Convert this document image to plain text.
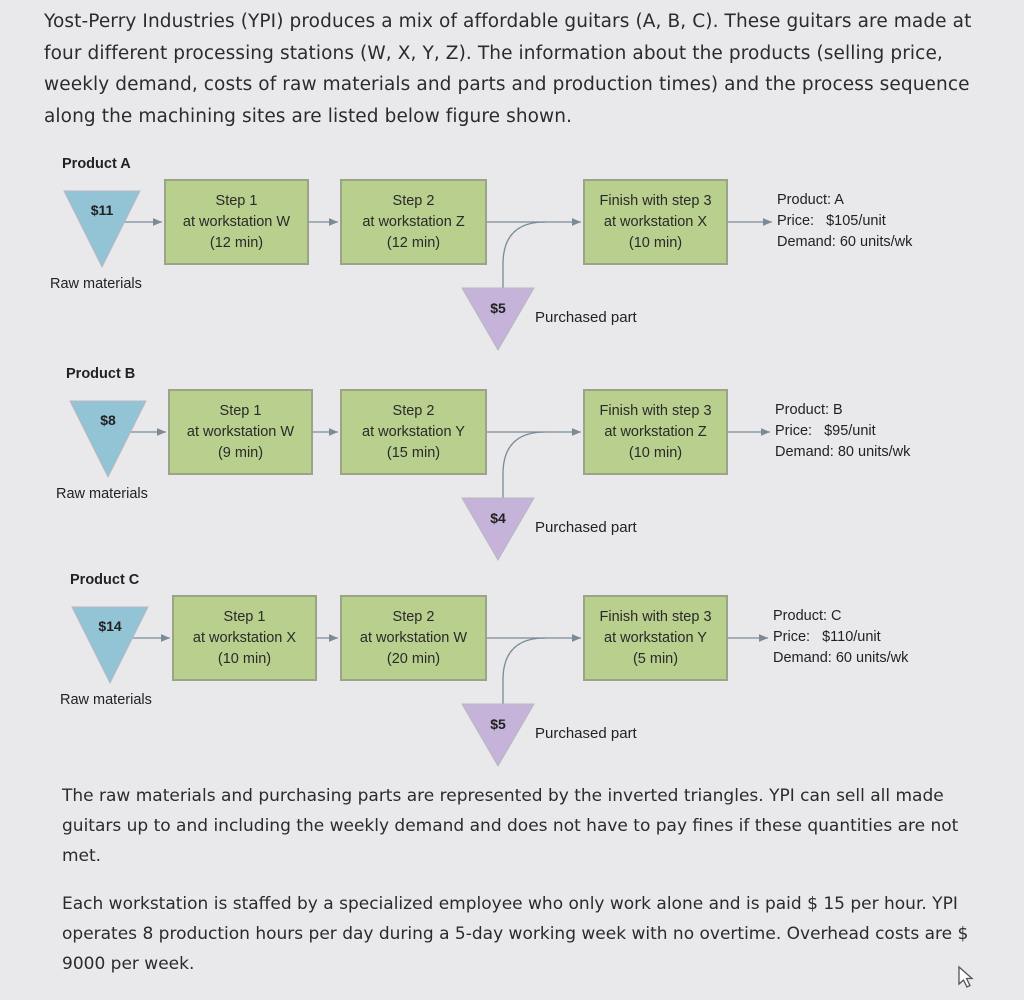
Yost-Perry Industries (YPI) produces a mix of affordable guitars (A, B, C). These guitars are made at four different processing stations (W, X, Y, Z). The information about the products (selling price, weekly demand, costs of raw materials and parts and production times) and the process sequence along the machining sites are listed below figure shown.
Product A
$11
Raw materials
Step 1
at workstation W
(12 min)
Step 2
at workstation Z
(12 min)
Finish with step 3
at workstation X
(10 min)
$5
Purchased part
Product: A
Price: $105/unit
Demand: 60 units/wk
Product B
$8
Raw materials
Step 1
at workstation W
(9 min)
Step 2
at workstation Y
(15 min)
Finish with step 3
at workstation Z
(10 min)
$4
Purchased part
Product: B
Price: $95/unit
Demand: 80 units/wk
Product C
$14
Raw materials
Step 1
at workstation X
(10 min)
Step 2
at workstation W
(20 min)
Finish with step 3
at workstation Y
(5 min)
$5
Purchased part
Product: C
Price: $110/unit
Demand: 60 units/wk
The raw materials and purchasing parts are represented by the inverted triangles. YPI can sell all made guitars up to and including the weekly demand and does not have to pay fines if these quantities are not met.
Each workstation is staffed by a specialized employee who only work alone and is paid $ 15 per hour. YPI operates 8 production hours per day during a 5-day working week with no overtime. Overhead costs are $ 9000 per week.
